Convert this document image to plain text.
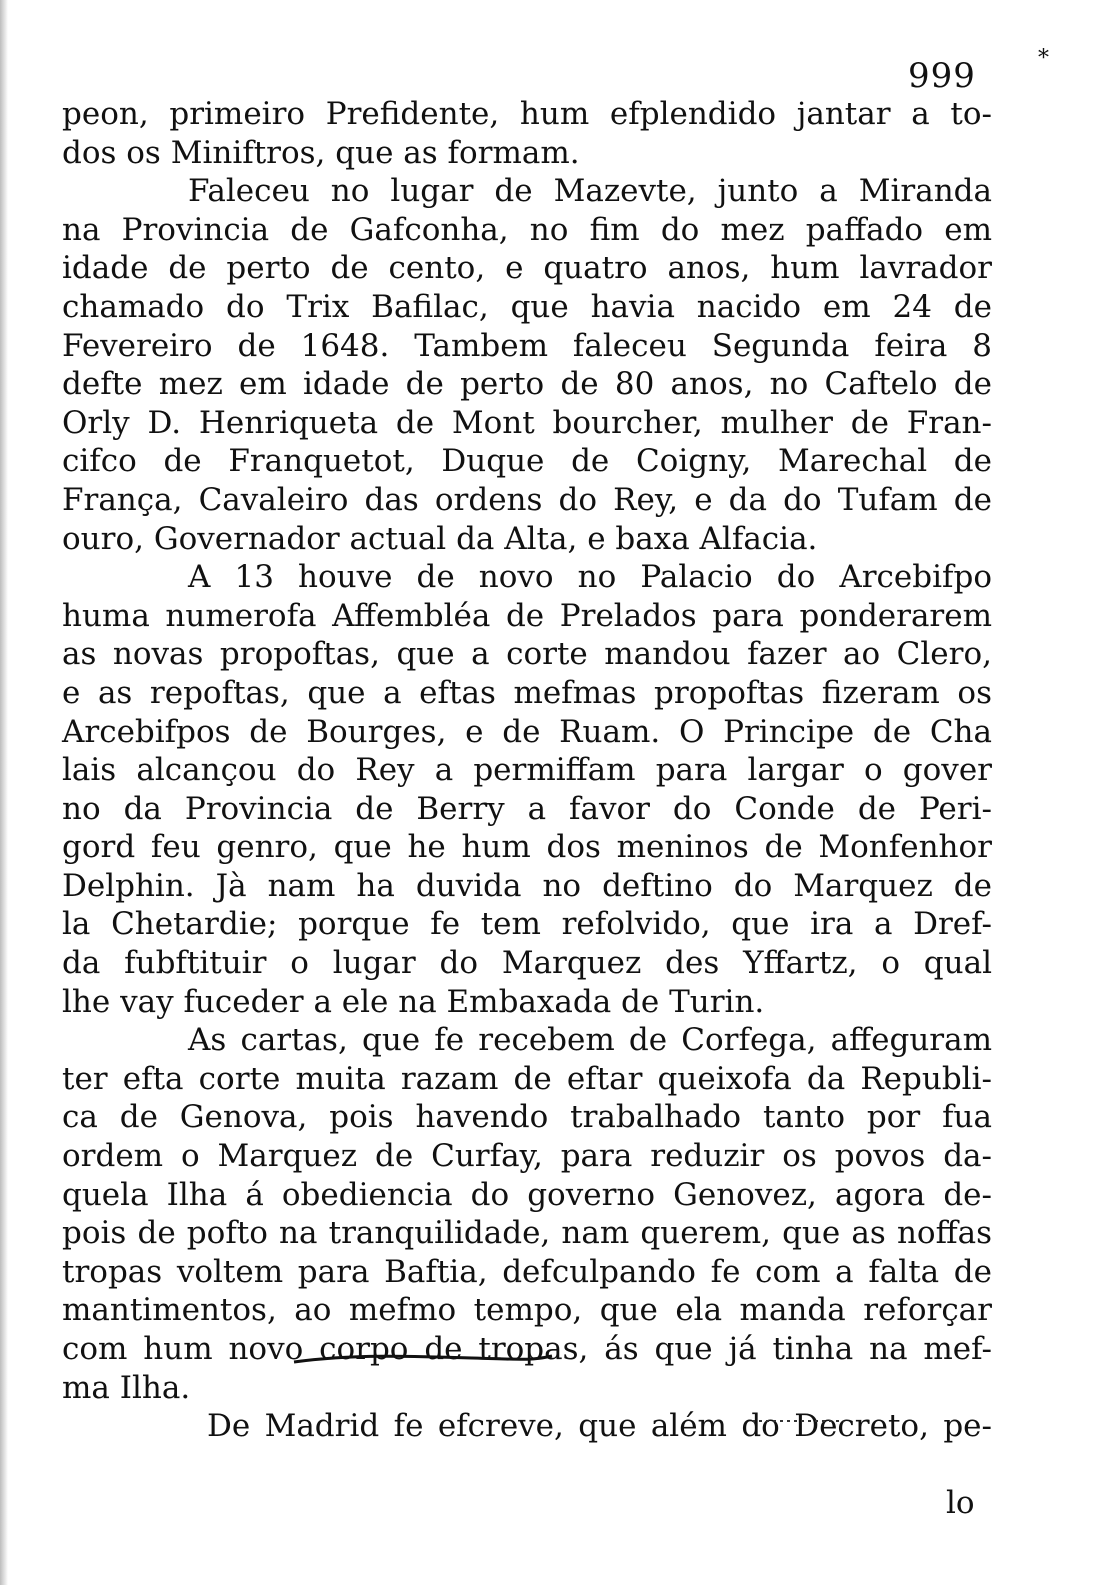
*
999
peon, primeiro Prefidente, hum efplendido jantar a to-
dos os Miniftros, que as formam.
Faleceu no lugar de Mazevte, junto a Miranda
na Provincia de Gafconha, no fim do mez paffado em
idade de perto de cento, e quatro anos, hum lavrador
chamado do Trix Bafilac, que havia nacido em 24 de
Fevereiro de 1648. Tambem faleceu Segunda feira 8
defte mez em idade de perto de 80 anos, no Caftelo de
Orly D. Henriqueta de Mont bourcher, mulher de Fran-
cifco de Franquetot, Duque de Coigny, Marechal de
França, Cavaleiro das ordens do Rey, e da do Tufam de
ouro, Governador actual da Alta, e baxa Alfacia.
A 13 houve de novo no Palacio do Arcebifpo
huma numerofa Affembléa de Prelados para ponderarem
as novas propoftas, que a corte mandou fazer ao Clero,
e as repoftas, que a eftas mefmas propoftas fizeram os
Arcebifpos de Bourges, e de Ruam. O Principe de Cha
lais alcançou do Rey a permiffam para largar o gover
no da Provincia de Berry a favor do Conde de Peri-
gord feu genro, que he hum dos meninos de Monfenhor
Delphin. Jà nam ha duvida no deftino do Marquez de
la Chetardie; porque fe tem refolvido, que ira a Dref-
da fubftituir o lugar do Marquez des Yffartz, o qual
lhe vay fuceder a ele na Embaxada de Turin.
As cartas, que fe recebem de Corfega, affeguram
ter efta corte muita razam de eftar queixofa da Republi-
ca de Genova, pois havendo trabalhado tanto por fua
ordem o Marquez de Curfay, para reduzir os povos da-
quela Ilha á obediencia do governo Genovez, agora de-
pois de pofto na tranquilidade, nam querem, que as noffas
tropas voltem para Baftia, defculpando fe com a falta de
mantimentos, ao mefmo tempo, que ela manda reforçar
com hum novo corpo de tropas, ás que já tinha na mef-
ma Ilha.
De Madrid fe efcreve, que além do Decreto, pe-
lo
